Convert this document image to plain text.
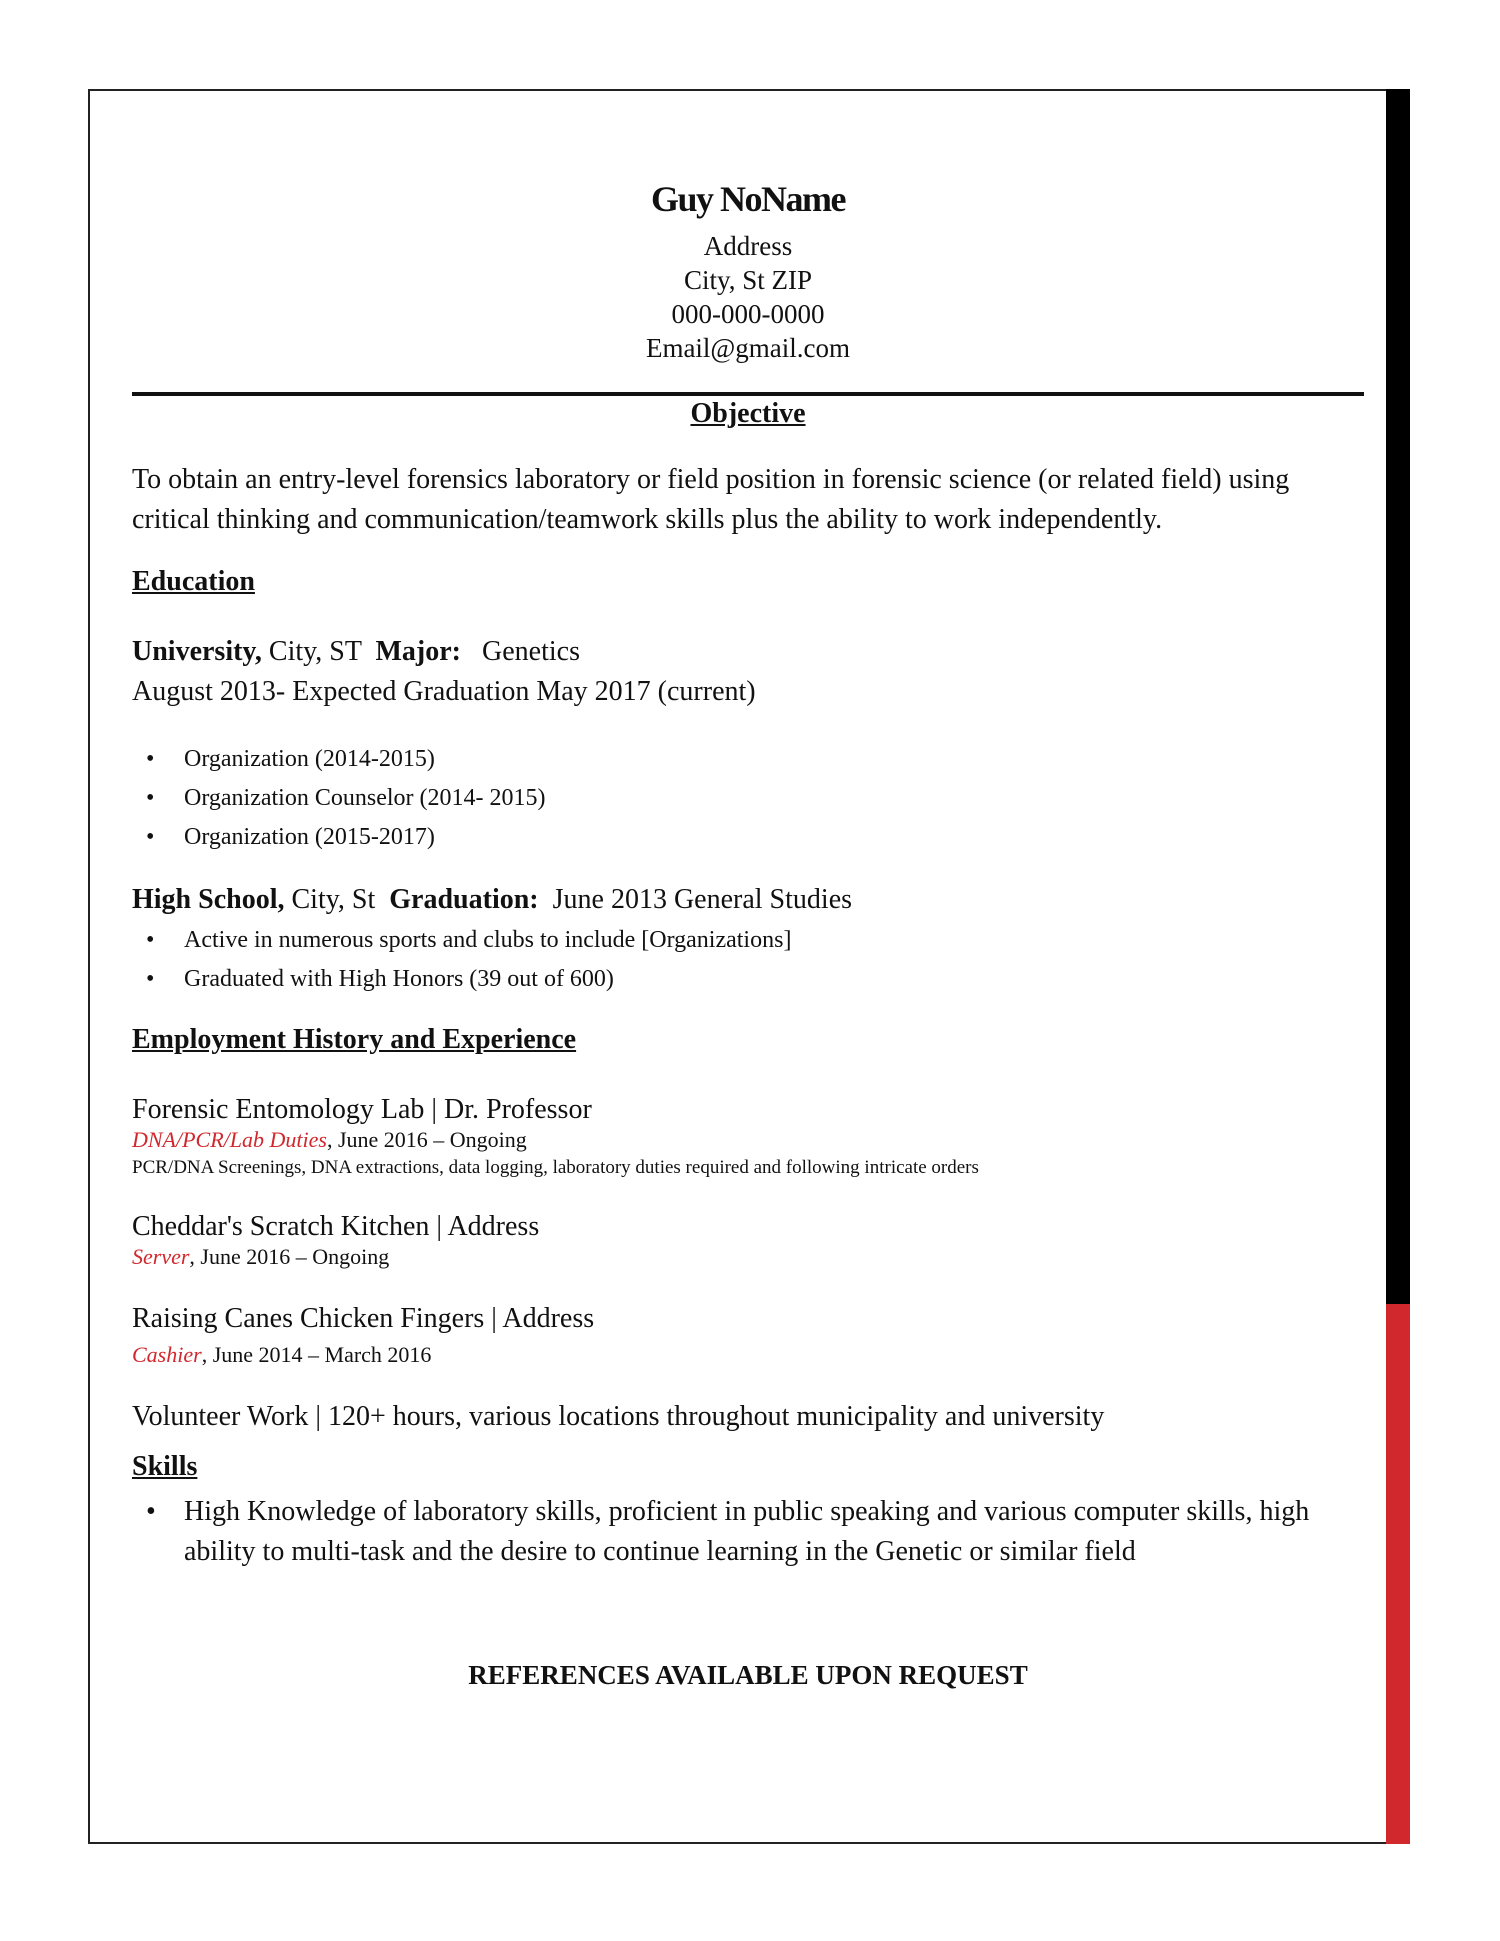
Guy NoName
Address
City, St ZIP
000-000-0000
Email@gmail.com
Objective
To obtain an entry-level forensics laboratory or field position in forensic science (or related field) using
critical thinking and communication/teamwork skills plus the ability to work independently.
Education
University, City, ST  Major: Genetics
August 2013- Expected Graduation May 2017 (current)
• Organization (2014-2015)
• Organization Counselor (2014- 2015)
• Organization (2015-2017)
High School, City, St  Graduation: June 2013 General Studies
• Active in numerous sports and clubs to include [Organizations]
• Graduated with High Honors (39 out of 600)
Employment History and Experience
Forensic Entomology Lab | Dr. Professor
DNA/PCR/Lab Duties, June 2016 – Ongoing
PCR/DNA Screenings, DNA extractions, data logging, laboratory duties required and following intricate orders
Cheddar's Scratch Kitchen | Address
Server, June 2016 – Ongoing
Raising Canes Chicken Fingers | Address
Cashier, June 2014 – March 2016
Volunteer Work | 120+ hours, various locations throughout municipality and university
Skills
• High Knowledge of laboratory skills, proficient in public speaking and various computer skills, high
ability to multi-task and the desire to continue learning in the Genetic or similar field
REFERENCES AVAILABLE UPON REQUEST
